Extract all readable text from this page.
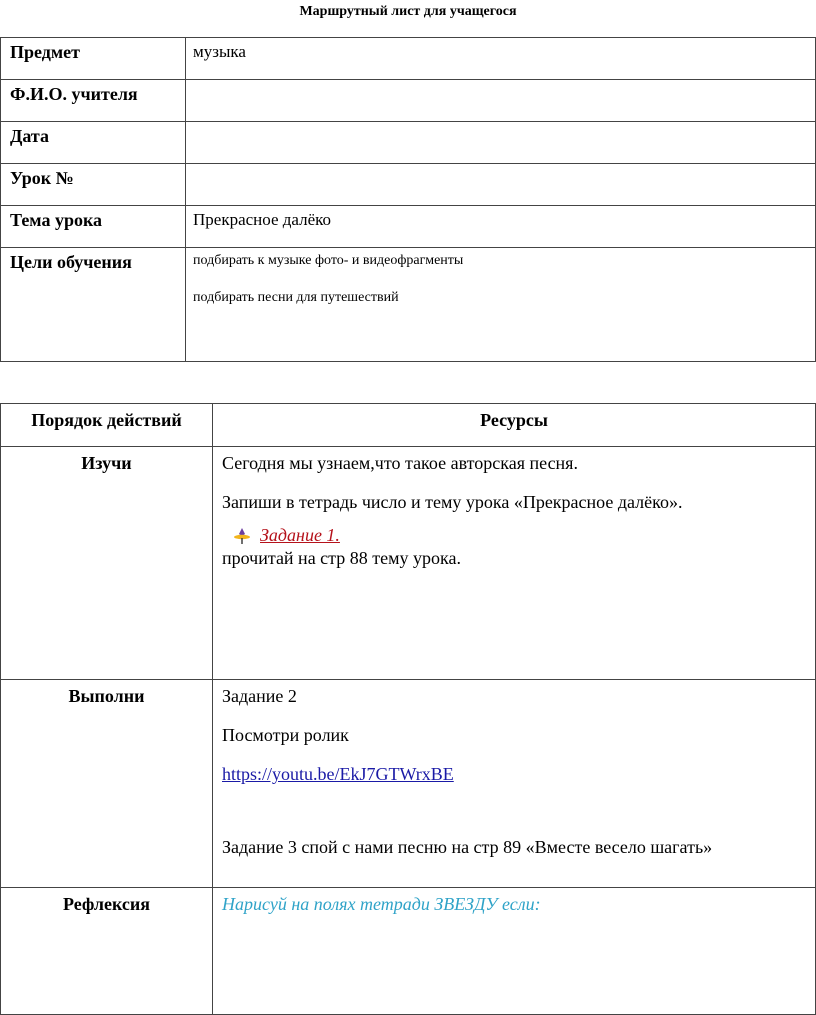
Маршрутный лист для учащегося
Предмет	музыка
Ф.И.О. учителя	
Дата	
Урок №	
Тема урока	Прекрасное далёко
Цели обучения	подбирать к музыке фото- и видеофрагменты

подбирать песни для путешествий

Порядок действий	Ресурсы
Изучи	Сегодня мы узнаем,что такое авторская песня.

Запиши в тетрадь число и тему урока «Прекрасное далёко».

Задание 1.
прочитай на стр 88 тему урока.

Выполни	Задание 2

Посмотри ролик

https://youtu.be/EkJ7GTWrxBE

Задание 3 спой с нами песню на стр 89 «Вместе весело шагать»

Рефлексия	Нарисуй на полях тетради ЗВЕЗДУ если:
